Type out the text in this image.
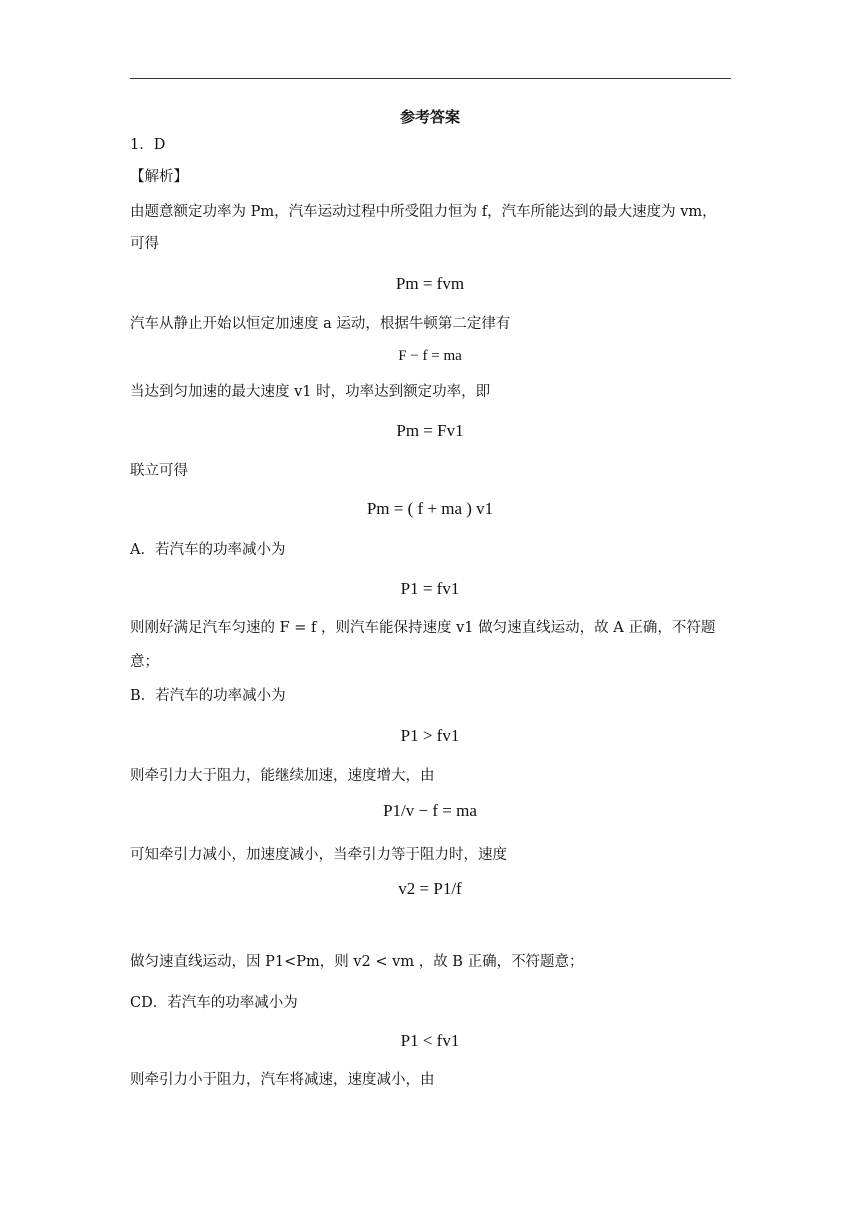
参考答案
1．D
【解析】
由题意额定功率为 Pm，汽车运动过程中所受阻力恒为 f，汽车所能达到的最大速度为 vm，
可得
Pm = fvm
汽车从静止开始以恒定加速度 a 运动，根据牛顿第二定律有
F − f = ma
当达到匀加速的最大速度 v1 时，功率达到额定功率，即
Pm = Fv1
联立可得
Pm = ( f + ma ) v1
A．若汽车的功率减小为
P1 = fv1
则刚好满足汽车匀速的 F = f ，则汽车能保持速度 v1 做匀速直线运动，故 A 正确，不符题
意；
B．若汽车的功率减小为
P1 > fv1
则牵引力大于阻力，能继续加速，速度增大，由
P1/v − f = ma
可知牵引力减小，加速度减小，当牵引力等于阻力时，速度
v2 = P1/f
做匀速直线运动，因 P1<Pm，则 v2 < vm ，故 B 正确，不符题意；
CD．若汽车的功率减小为
P1 < fv1
则牵引力小于阻力，汽车将减速，速度减小，由
